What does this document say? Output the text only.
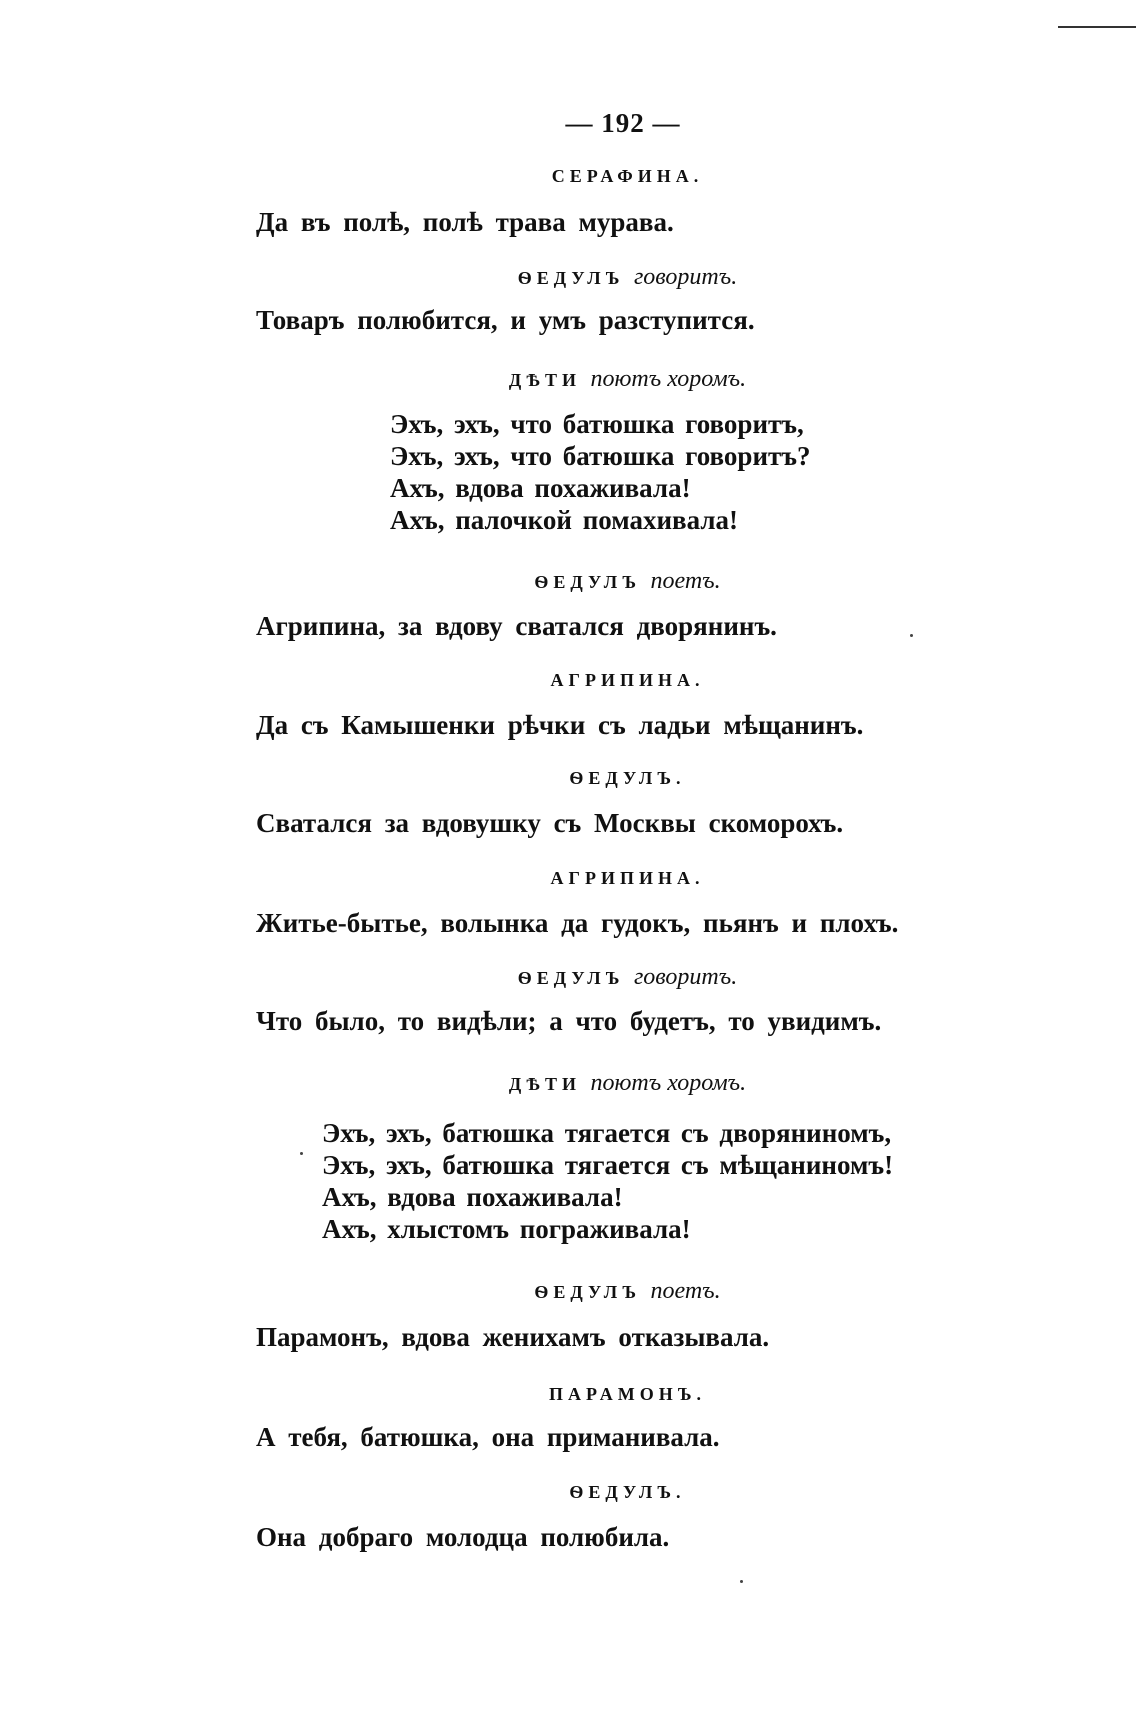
— 192 —
СЕРАФИНА.
Да въ полѣ, полѣ трава мурава.
ѲЕДУЛЪ говоритъ.
Товаръ полюбится, и умъ разступится.
ДѢТИ поютъ хоромъ.
Эхъ, эхъ, что батюшка говоритъ,
Эхъ, эхъ, что батюшка говоритъ?
Ахъ, вдова похаживала!
Ахъ, палочкой помахивала!
ѲЕДУЛЪ поетъ.
Агрипина, за вдову сватался дворянинъ.
АГРИПИНА.
Да съ Камышенки рѣчки съ ладьи мѣщанинъ.
ѲЕДУЛЪ.
Сватался за вдовушку съ Москвы скоморохъ.
АГРИПИНА.
Житье-бытье, волынка да гудокъ, пьянъ и плохъ.
ѲЕДУЛЪ говоритъ.
Что было, то видѣли; а что будетъ, то увидимъ.
ДѢТИ поютъ хоромъ.
Эхъ, эхъ, батюшка тягается съ дворяниномъ,
Эхъ, эхъ, батюшка тягается съ мѣщаниномъ!
Ахъ, вдова похаживала!
Ахъ, хлыстомъ пограживала!
ѲЕДУЛЪ поетъ.
Парамонъ, вдова женихамъ отказывала.
ПАРАМОНЪ.
А тебя, батюшка, она приманивала.
ѲЕДУЛЪ.
Она добраго молодца полюбила.
